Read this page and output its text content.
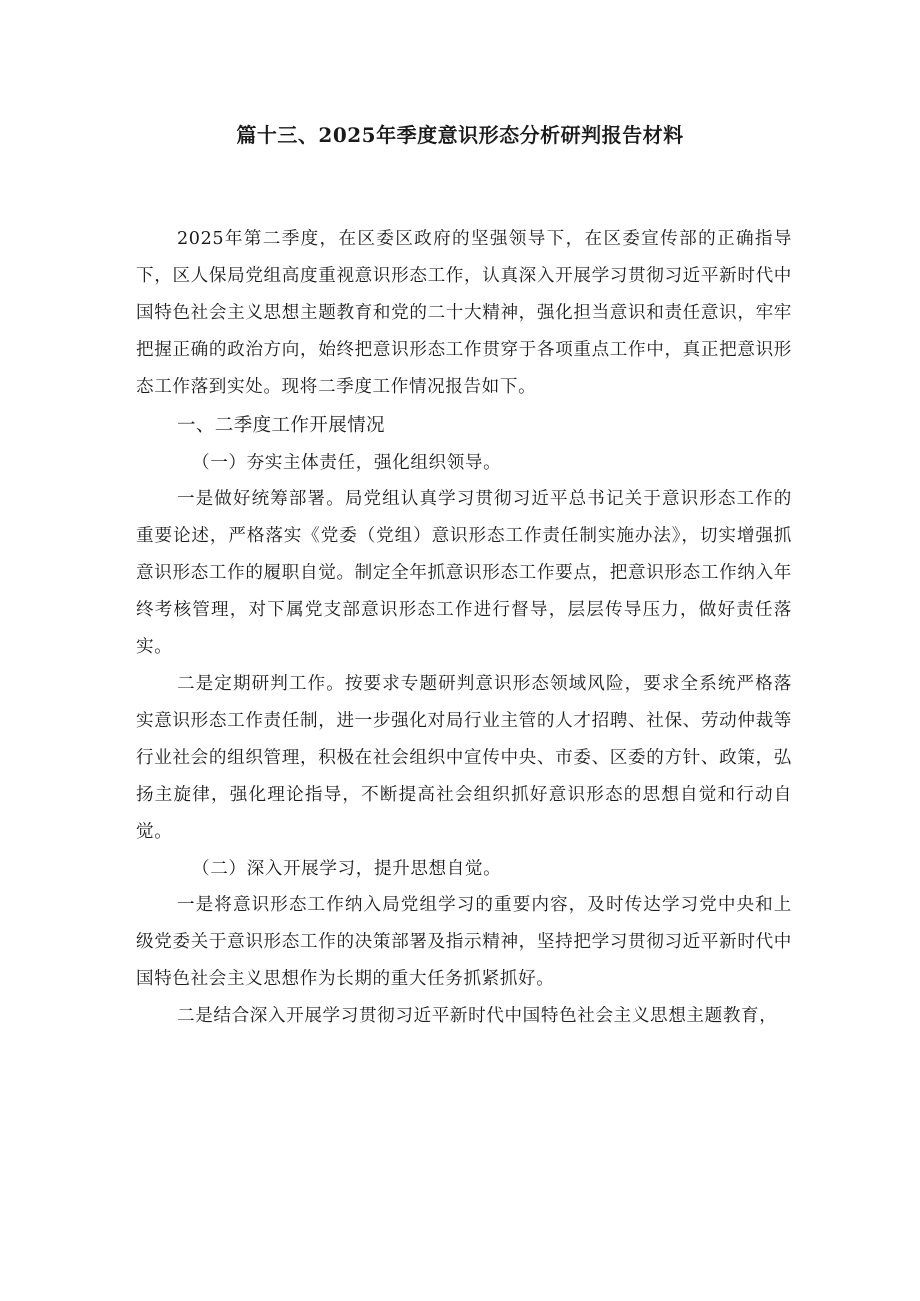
篇十三、2025年季度意识形态分析研判报告材料

2025年第二季度，在区委区政府的坚强领导下，在区委宣传部的正确指导下，区人保局党组高度重视意识形态工作，认真深入开展学习贯彻习近平新时代中国特色社会主义思想主题教育和党的二十大精神，强化担当意识和责任意识，牢牢把握正确的政治方向，始终把意识形态工作贯穿于各项重点工作中，真正把意识形态工作落到实处。现将二季度工作情况报告如下。

一、二季度工作开展情况

（一）夯实主体责任，强化组织领导。

一是做好统筹部署。局党组认真学习贯彻习近平总书记关于意识形态工作的重要论述，严格落实《党委（党组）意识形态工作责任制实施办法》，切实增强抓意识形态工作的履职自觉。制定全年抓意识形态工作要点，把意识形态工作纳入年终考核管理，对下属党支部意识形态工作进行督导，层层传导压力，做好责任落实。

二是定期研判工作。按要求专题研判意识形态领域风险，要求全系统严格落实意识形态工作责任制，进一步强化对局行业主管的人才招聘、社保、劳动仲裁等行业社会的组织管理，积极在社会组织中宣传中央、市委、区委的方针、政策，弘扬主旋律，强化理论指导，不断提高社会组织抓好意识形态的思想自觉和行动自觉。

（二）深入开展学习，提升思想自觉。

一是将意识形态工作纳入局党组学习的重要内容，及时传达学习党中央和上级党委关于意识形态工作的决策部署及指示精神，坚持把学习贯彻习近平新时代中国特色社会主义思想作为长期的重大任务抓紧抓好。

二是结合深入开展学习贯彻习近平新时代中国特色社会主义思想主题教育，
